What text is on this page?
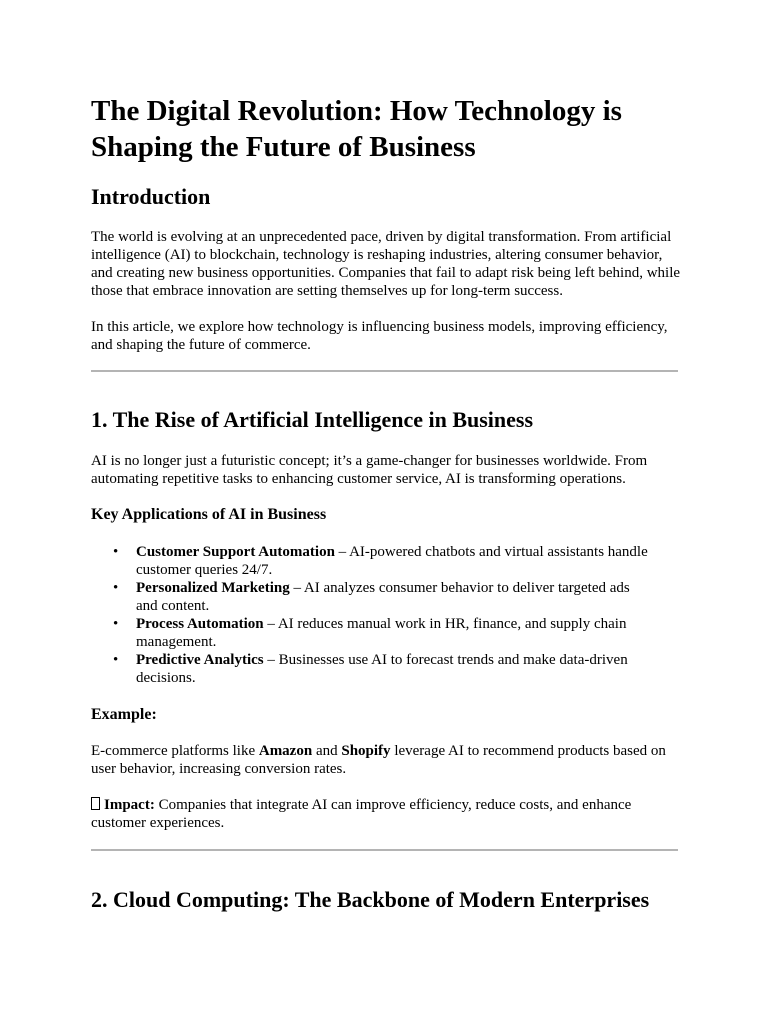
The Digital Revolution: How Technology is Shaping the Future of Business
Introduction

The world is evolving at an unprecedented pace, driven by digital transformation. From artificial intelligence (AI) to blockchain, technology is reshaping industries, altering consumer behavior, and creating new business opportunities. Companies that fail to adapt risk being left behind, while those that embrace innovation are setting themselves up for long-term success.

In this article, we explore how technology is influencing business models, improving efficiency, and shaping the future of commerce.

1. The Rise of Artificial Intelligence in Business

AI is no longer just a futuristic concept; it’s a game-changer for businesses worldwide. From automating repetitive tasks to enhancing customer service, AI is transforming operations.

Key Applications of AI in Business
• Customer Support Automation – AI-powered chatbots and virtual assistants handle customer queries 24/7.
• Personalized Marketing – AI analyzes consumer behavior to deliver targeted ads and content.
• Process Automation – AI reduces manual work in HR, finance, and supply chain management.
• Predictive Analytics – Businesses use AI to forecast trends and make data-driven decisions.
Example:

E-commerce platforms like Amazon and Shopify leverage AI to recommend products based on user behavior, increasing conversion rates.

Impact: Companies that integrate AI can improve efficiency, reduce costs, and enhance customer experiences.

2. Cloud Computing: The Backbone of Modern Enterprises
